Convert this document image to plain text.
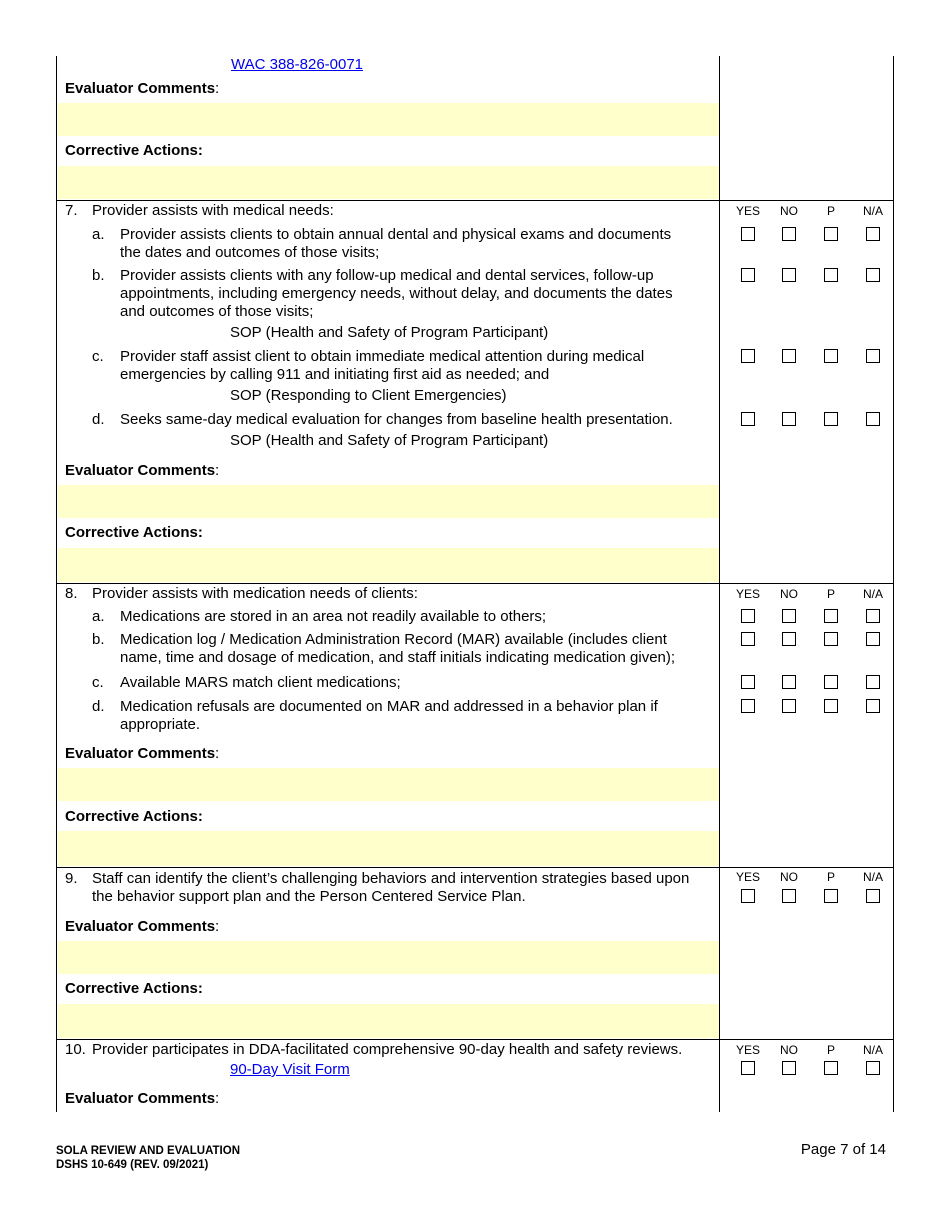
WAC 388-826-0071
Evaluator Comments:
Corrective Actions:
7. Provider assists with medical needs:	YES	NO	P	N/A
a. Provider assists clients to obtain annual dental and physical exams and documents
the dates and outcomes of those visits;
b. Provider assists clients with any follow-up medical and dental services, follow-up
appointments, including emergency needs, without delay, and documents the dates
and outcomes of those visits;
SOP (Health and Safety of Program Participant)
c. Provider staff assist client to obtain immediate medical attention during medical
emergencies by calling 911 and initiating first aid as needed; and
SOP (Responding to Client Emergencies)
d. Seeks same-day medical evaluation for changes from baseline health presentation.
SOP (Health and Safety of Program Participant)
Evaluator Comments:
Corrective Actions:
8. Provider assists with medication needs of clients:	YES	NO	P	N/A
a. Medications are stored in an area not readily available to others;
b. Medication log / Medication Administration Record (MAR) available (includes client
name, time and dosage of medication, and staff initials indicating medication given);
c. Available MARS match client medications;
d. Medication refusals are documented on MAR and addressed in a behavior plan if
appropriate.
Evaluator Comments:
Corrective Actions:
9. Staff can identify the client’s challenging behaviors and intervention strategies based upon
the behavior support plan and the Person Centered Service Plan.
YES	NO	P	N/A
Evaluator Comments:
Corrective Actions:
10. Provider participates in DDA-facilitated comprehensive 90-day health and safety reviews.
90-Day Visit Form
YES	NO	P	N/A
Evaluator Comments:
SOLA REVIEW AND EVALUATION
DSHS 10-649 (REV. 09/2021)
Page 7 of 14
